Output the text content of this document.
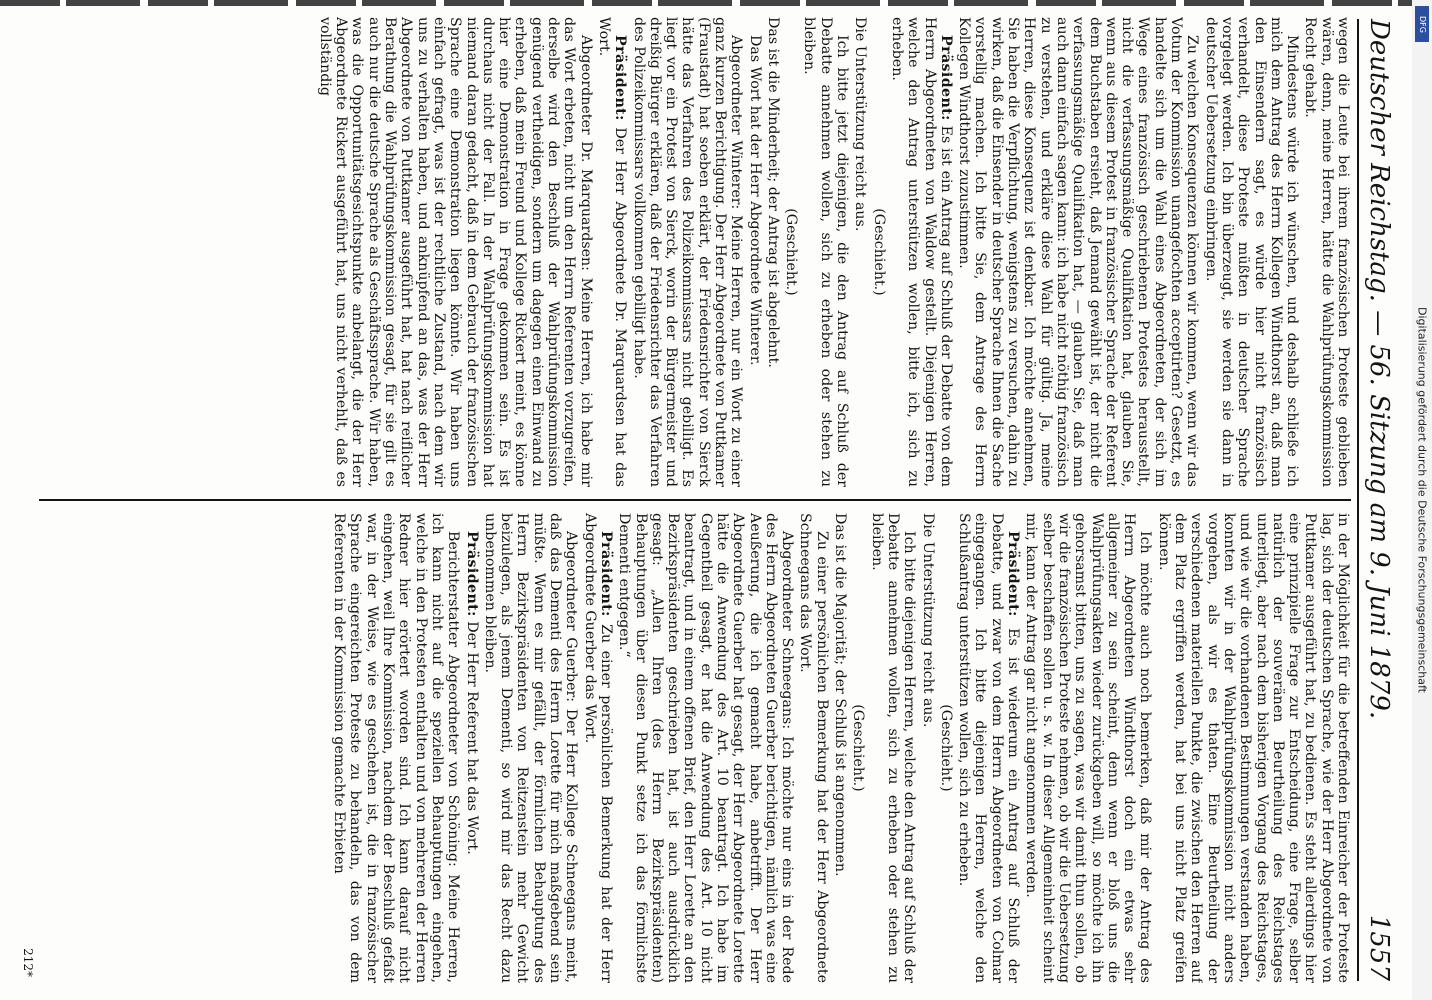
Deutscher Reichstag. — 56. Sitzung am 9. Juni 1879.
1557

wegen die Leute bei ihrem französischen Proteste geblieben wären, denn, meine Herren, hätte die Wahlprüfungskommission Recht gehabt.

Mindestens würde ich wünschen, und deshalb schließe ich mich dem Antrag des Herrn Kollegen Windthorst an, daß man den Einsendern sagt, es würde hier nicht französisch verhandelt, diese Proteste müßten in deutscher Sprache vorgelegt werden. Ich bin überzeugt, sie werden sie dann in deutscher Uebersetzung einbringen.

Zu welchen Konsequenzen können wir kommen, wenn wir das Votum der Kommission unangefochten acceptirten? Gesetzt, es handelte sich um die Wahl eines Abgeordneten, der sich im Wege eines französisch geschriebenen Protestes herausstellt, nicht die verfassungsmäßige Qualifikation hat, glauben Sie, wenn aus diesem Protest in französischer Sprache der Referent dem Buchstaben ersieht, daß Jemand gewählt ist, der nicht die verfassungsmäßige Qualifikation hat, — glauben Sie, daß man auch dann einfach sagen kann: ich habe nicht nöthig französisch zu verstehen, und erkläre diese Wahl für gültig. Ja, meine Herren, diese Konsequenz ist denkbar. Ich möchte annehmen, Sie haben die Verpflichtung, wenigstens zu versuchen, dahin zu wirken, daß die Einsender in deutscher Sprache Ihnen die Sache vorstellig machen. Ich bitte Sie, dem Antrage des Herrn Kollegen Windthorst zuzustimmen.

Präsident: Es ist ein Antrag auf Schluß der Debatte von dem Herrn Abgeordneten von Waldow gestellt. Diejenigen Herren, welche den Antrag unterstützen wollen, bitte ich, sich zu erheben.

(Geschieht.)

Die Unterstützung reicht aus.

Ich bitte jetzt diejenigen, die den Antrag auf Schluß der Debatte annehmen wollen, sich zu erheben oder stehen zu bleiben.

(Geschieht.)

Das ist die Minderheit; der Antrag ist abgelehnt.

Das Wort hat der Herr Abgeordnete Winterer.

Abgeordneter Winterer: Meine Herren, nur ein Wort zu einer ganz kurzen Berichtigung. Der Herr Abgeordnete von Puttkamer (Fraustadt) hat soeben erklärt, der Friedensrichter von Sierck hätte das Verfahren des Polizeikommissars nicht gebilligt. Es liegt vor ein Protest von Sierck, worin der Bürgermeister und dreißig Bürger erklären, daß der Friedensrichter das Verfahren des Polizeikommissars vollkommen gebilligt habe.

Präsident: Der Herr Abgeordnete Dr. Marquardsen hat das Wort.

Abgeordneter Dr. Marquardsen: Meine Herren, ich habe mir das Wort erbeten, nicht um den Herrn Referenten vorzugreifen, derselbe wird den Beschluß der Wahlprüfungskommission genügend vertheidigen, sondern um dagegen einen Einwand zu erheben, daß mein Freund und Kollege Rickert meint, es könne hier eine Demonstration in Frage gekommen sein. Es ist durchaus nicht der Fall. In der Wahlprüfungskommission hat niemand daran gedacht, daß in dem Gebrauch der französischen Sprache eine Demonstration liegen könnte. Wir haben uns einfach gefragt, was ist der rechtliche Zustand, nach dem wir uns zu verhalten haben, und anknüpfend an das, was der Herr Abgeordnete von Puttkamer ausgeführt hat, hat nach reiflicher Berathung die Wahlprüfungskommission gesagt, für sie gilt es auch nur die deutsche Sprache als Geschäftssprache. Wir haben, was die Opportunitätsgesichtspunkte anbelangt, die der Herr Abgeordnete Rickert ausgeführt hat, uns nicht verhehlt, daß es vollständig

in der Möglichkeit für die betreffenden Einreicher der Proteste lag, sich der deutschen Sprache, wie der Herr Abgeordnete von Puttkamer ausgeführt hat, zu bedienen. Es steht allerdings hier eine prinzipielle Frage zur Entscheidung, eine Frage, selber natürlich der souveränen Beurtheilung des Reichstages unterliegt, aber nach dem bisherigen Vorgang des Reichstages, und wie wir die vorhandenen Bestimmungen verstanden haben, konnten wir in der Wahlprüfungskommission nicht anders vorgehen, als wir es thaten. Eine Beurtheilung der verschiedenen materiellen Punkte, die zwischen den Herren auf dem Platz ergriffen werden, hat bei uns nicht Platz greifen können.

Ich möchte auch noch bemerken, daß mir der Antrag des Herrn Abgeordneten Windthorst doch ein etwas sehr allgemeiner zu sein scheint, denn wenn er bloß uns die Wahlprüfungsakten wieder zurückgeben will, so möchte ich ihn gehorsamst bitten, uns zu sagen, was wir damit thun sollen, ob wir die französischen Proteste nehmen, ob wir die Uebersetzung selber beschaffen sollen u. s. w. In dieser Allgemeinheit scheint mir, kann der Antrag gar nicht angenommen werden.

Präsident: Es ist wiederum ein Antrag auf Schluß der Debatte, und zwar von dem Herrn Abgeordneten von Colmar eingegangen. Ich bitte diejenigen Herren, welche den Schlußantrag unterstützen wollen, sich zu erheben.

(Geschieht.)

Die Unterstützung reicht aus.

Ich bitte diejenigen Herren, welche den Antrag auf Schluß der Debatte annehmen wollen, sich zu erheben oder stehen zu bleiben.

(Geschieht.)

Das ist die Majorität; der Schluß ist angenommen.

Zu einer persönlichen Bemerkung hat der Herr Abgeordnete Schneegans das Wort.

Abgeordneter Schneegans: Ich möchte nur eins in der Rede des Herrn Abgeordneten Guerber berichtigen, nämlich was eine Aeußerung, die ich gemacht habe, anbetrifft. Der Herr Abgeordnete Guerber hat gesagt, der Herr Abgeordnete Lorette hätte die Anwendung des Art. 10 beantragt. Ich habe im Gegentheil gesagt, er hat die Anwendung des Art. 10 nicht beantragt, und in einem offenen Brief, den Herr Lorette an den Bezirkspräsidenten geschrieben hat, ist auch ausdrücklich gesagt: „Allen Ihren (des Herrn Bezirkspräsidenten) Behauptungen über diesen Punkt setze ich das förmlichste Dementi entgegen.“

Präsident: Zu einer persönlichen Bemerkung hat der Herr Abgeordnete Guerber das Wort.

Abgeordneter Guerber: Der Herr Kollege Schneegans meint, daß das Dementi des Herrn Lorette für mich maßgebend sein müßte. Wenn es mir gefällt, der förmlichen Behauptung des Herrn Bezirkspräsidenten von Reitzenstein mehr Gewicht beizulegen, als jenem Dementi, so wird mir das Recht dazu unbenommen bleiben.

Präsident: Der Herr Referent hat das Wort.

Berichterstatter Abgeordneter von Schöning: Meine Herren, ich kann nicht auf die speziellen Behauptungen eingehen, welche in den Protesten enthalten und von mehreren der Herren Redner hier erörtert worden sind. Ich kann darauf nicht eingehen, weil Ihre Kommission, nachdem der Beschluß gefaßt war, in der Weise, wie es geschehen ist, die in französischer Sprache eingereichten Proteste zu behandeln, das von dem Referenten in der Kommission gemachte Erbieten

212*
Digitalisierung gefördert durch die Deutsche Forschungsgemeinschaft
DFG
